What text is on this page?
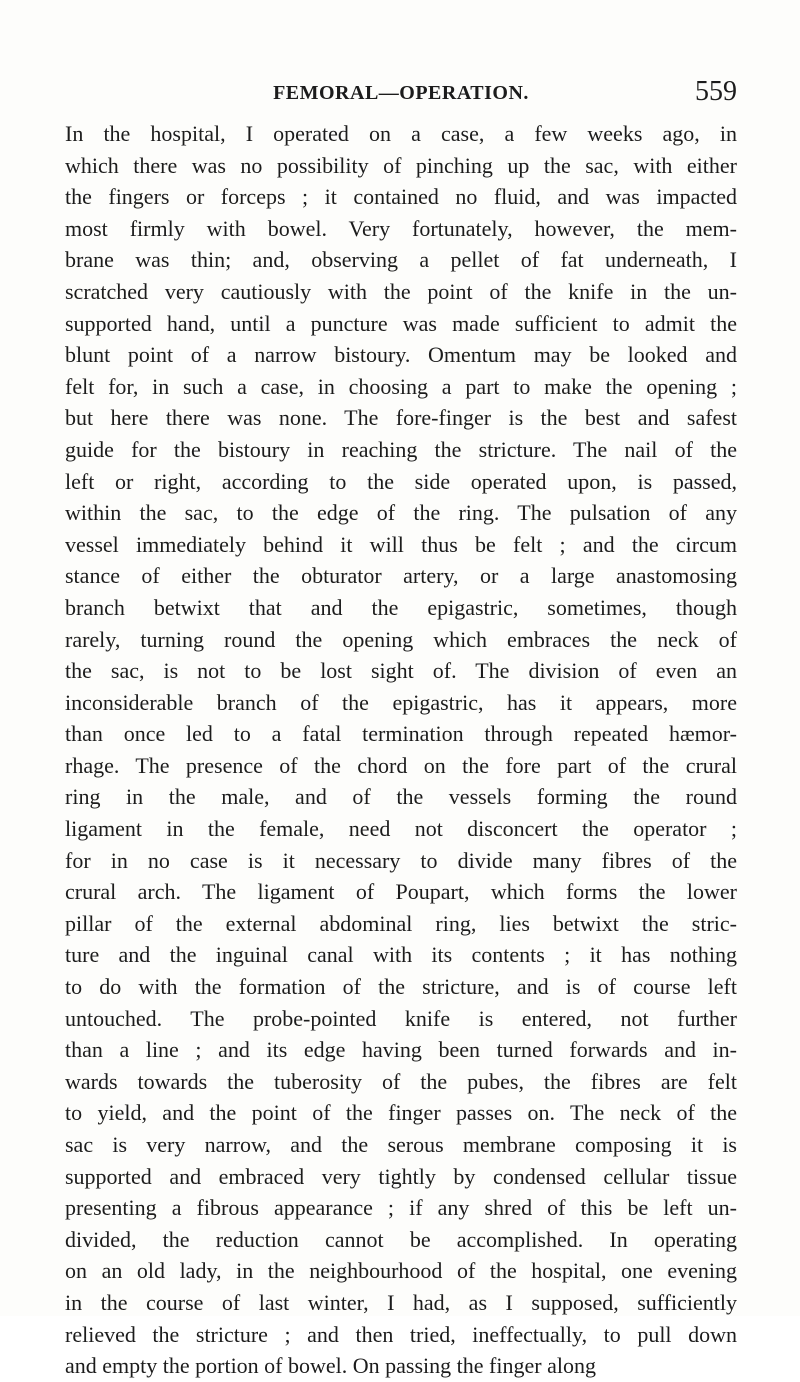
FEMORAL—OPERATION.	559
In the hospital, I operated on a case, a few weeks ago, in
which there was no possibility of pinching up the sac, with either
the fingers or forceps ; it contained no fluid, and was impacted
most firmly with bowel. Very fortunately, however, the mem-
brane was thin; and, observing a pellet of fat underneath, I
scratched very cautiously with the point of the knife in the un-
supported hand, until a puncture was made sufficient to admit the
blunt point of a narrow bistoury. Omentum may be looked and
felt for, in such a case, in choosing a part to make the opening ;
but here there was none. The fore-finger is the best and safest
guide for the bistoury in reaching the stricture. The nail of the
left or right, according to the side operated upon, is passed,
within the sac, to the edge of the ring. The pulsation of any
vessel immediately behind it will thus be felt ; and the circum
stance of either the obturator artery, or a large anastomosing
branch betwixt that and the epigastric, sometimes, though
rarely, turning round the opening which embraces the neck of
the sac, is not to be lost sight of. The division of even an
inconsiderable branch of the epigastric, has it appears, more
than once led to a fatal termination through repeated hæmor-
rhage. The presence of the chord on the fore part of the crural
ring in the male, and of the vessels forming the round
ligament in the female, need not disconcert the operator ;
for in no case is it necessary to divide many fibres of the
crural arch. The ligament of Poupart, which forms the lower
pillar of the external abdominal ring, lies betwixt the stric-
ture and the inguinal canal with its contents ; it has nothing
to do with the formation of the stricture, and is of course left
untouched. The probe-pointed knife is entered, not further
than a line ; and its edge having been turned forwards and in-
wards towards the tuberosity of the pubes, the fibres are felt
to yield, and the point of the finger passes on. The neck of the
sac is very narrow, and the serous membrane composing it is
supported and embraced very tightly by condensed cellular tissue
presenting a fibrous appearance ; if any shred of this be left un-
divided, the reduction cannot be accomplished. In operating
on an old lady, in the neighbourhood of the hospital, one evening
in the course of last winter, I had, as I supposed, sufficiently
relieved the stricture ; and then tried, ineffectually, to pull down
and empty the portion of bowel. On passing the finger along
